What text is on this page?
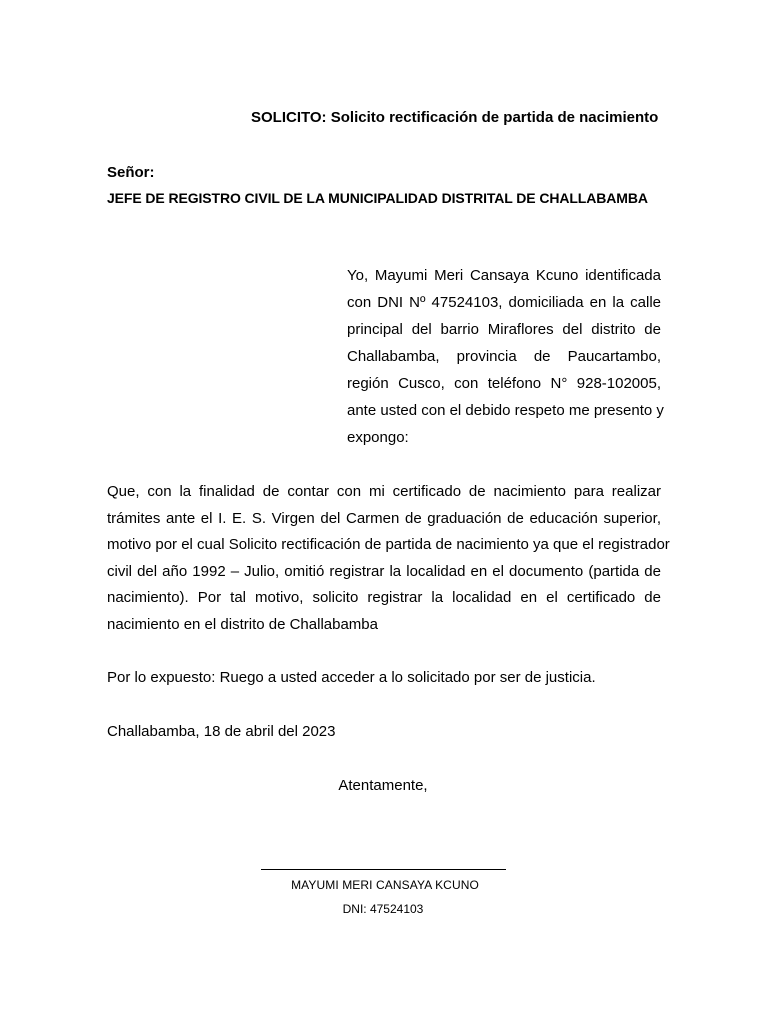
SOLICITO: Solicito rectificación de partida de nacimiento
Señor:
JEFE DE REGISTRO CIVIL DE LA MUNICIPALIDAD DISTRITAL DE CHALLABAMBA
Yo, Mayumi Meri Cansaya Kcuno identificada
con DNI Nº 47524103, domiciliada en la calle
principal del barrio Miraflores del distrito de
Challabamba, provincia de Paucartambo,
región Cusco, con teléfono N° 928-102005,
ante usted con el debido respeto me presento y
expongo:
Que, con la finalidad de contar con mi certificado de nacimiento para realizar
trámites ante el I. E. S. Virgen del Carmen de graduación de educación superior,
motivo por el cual Solicito rectificación de partida de nacimiento ya que el registrador
civil del año 1992 – Julio, omitió registrar la localidad en el documento (partida de
nacimiento). Por tal motivo, solicito registrar la localidad en el certificado de
nacimiento en el distrito de Challabamba
Por lo expuesto: Ruego a usted acceder a lo solicitado por ser de justicia.
Challabamba, 18 de abril del 2023
Atentamente,
MAYUMI MERI CANSAYA KCUNO
DNI: 47524103
